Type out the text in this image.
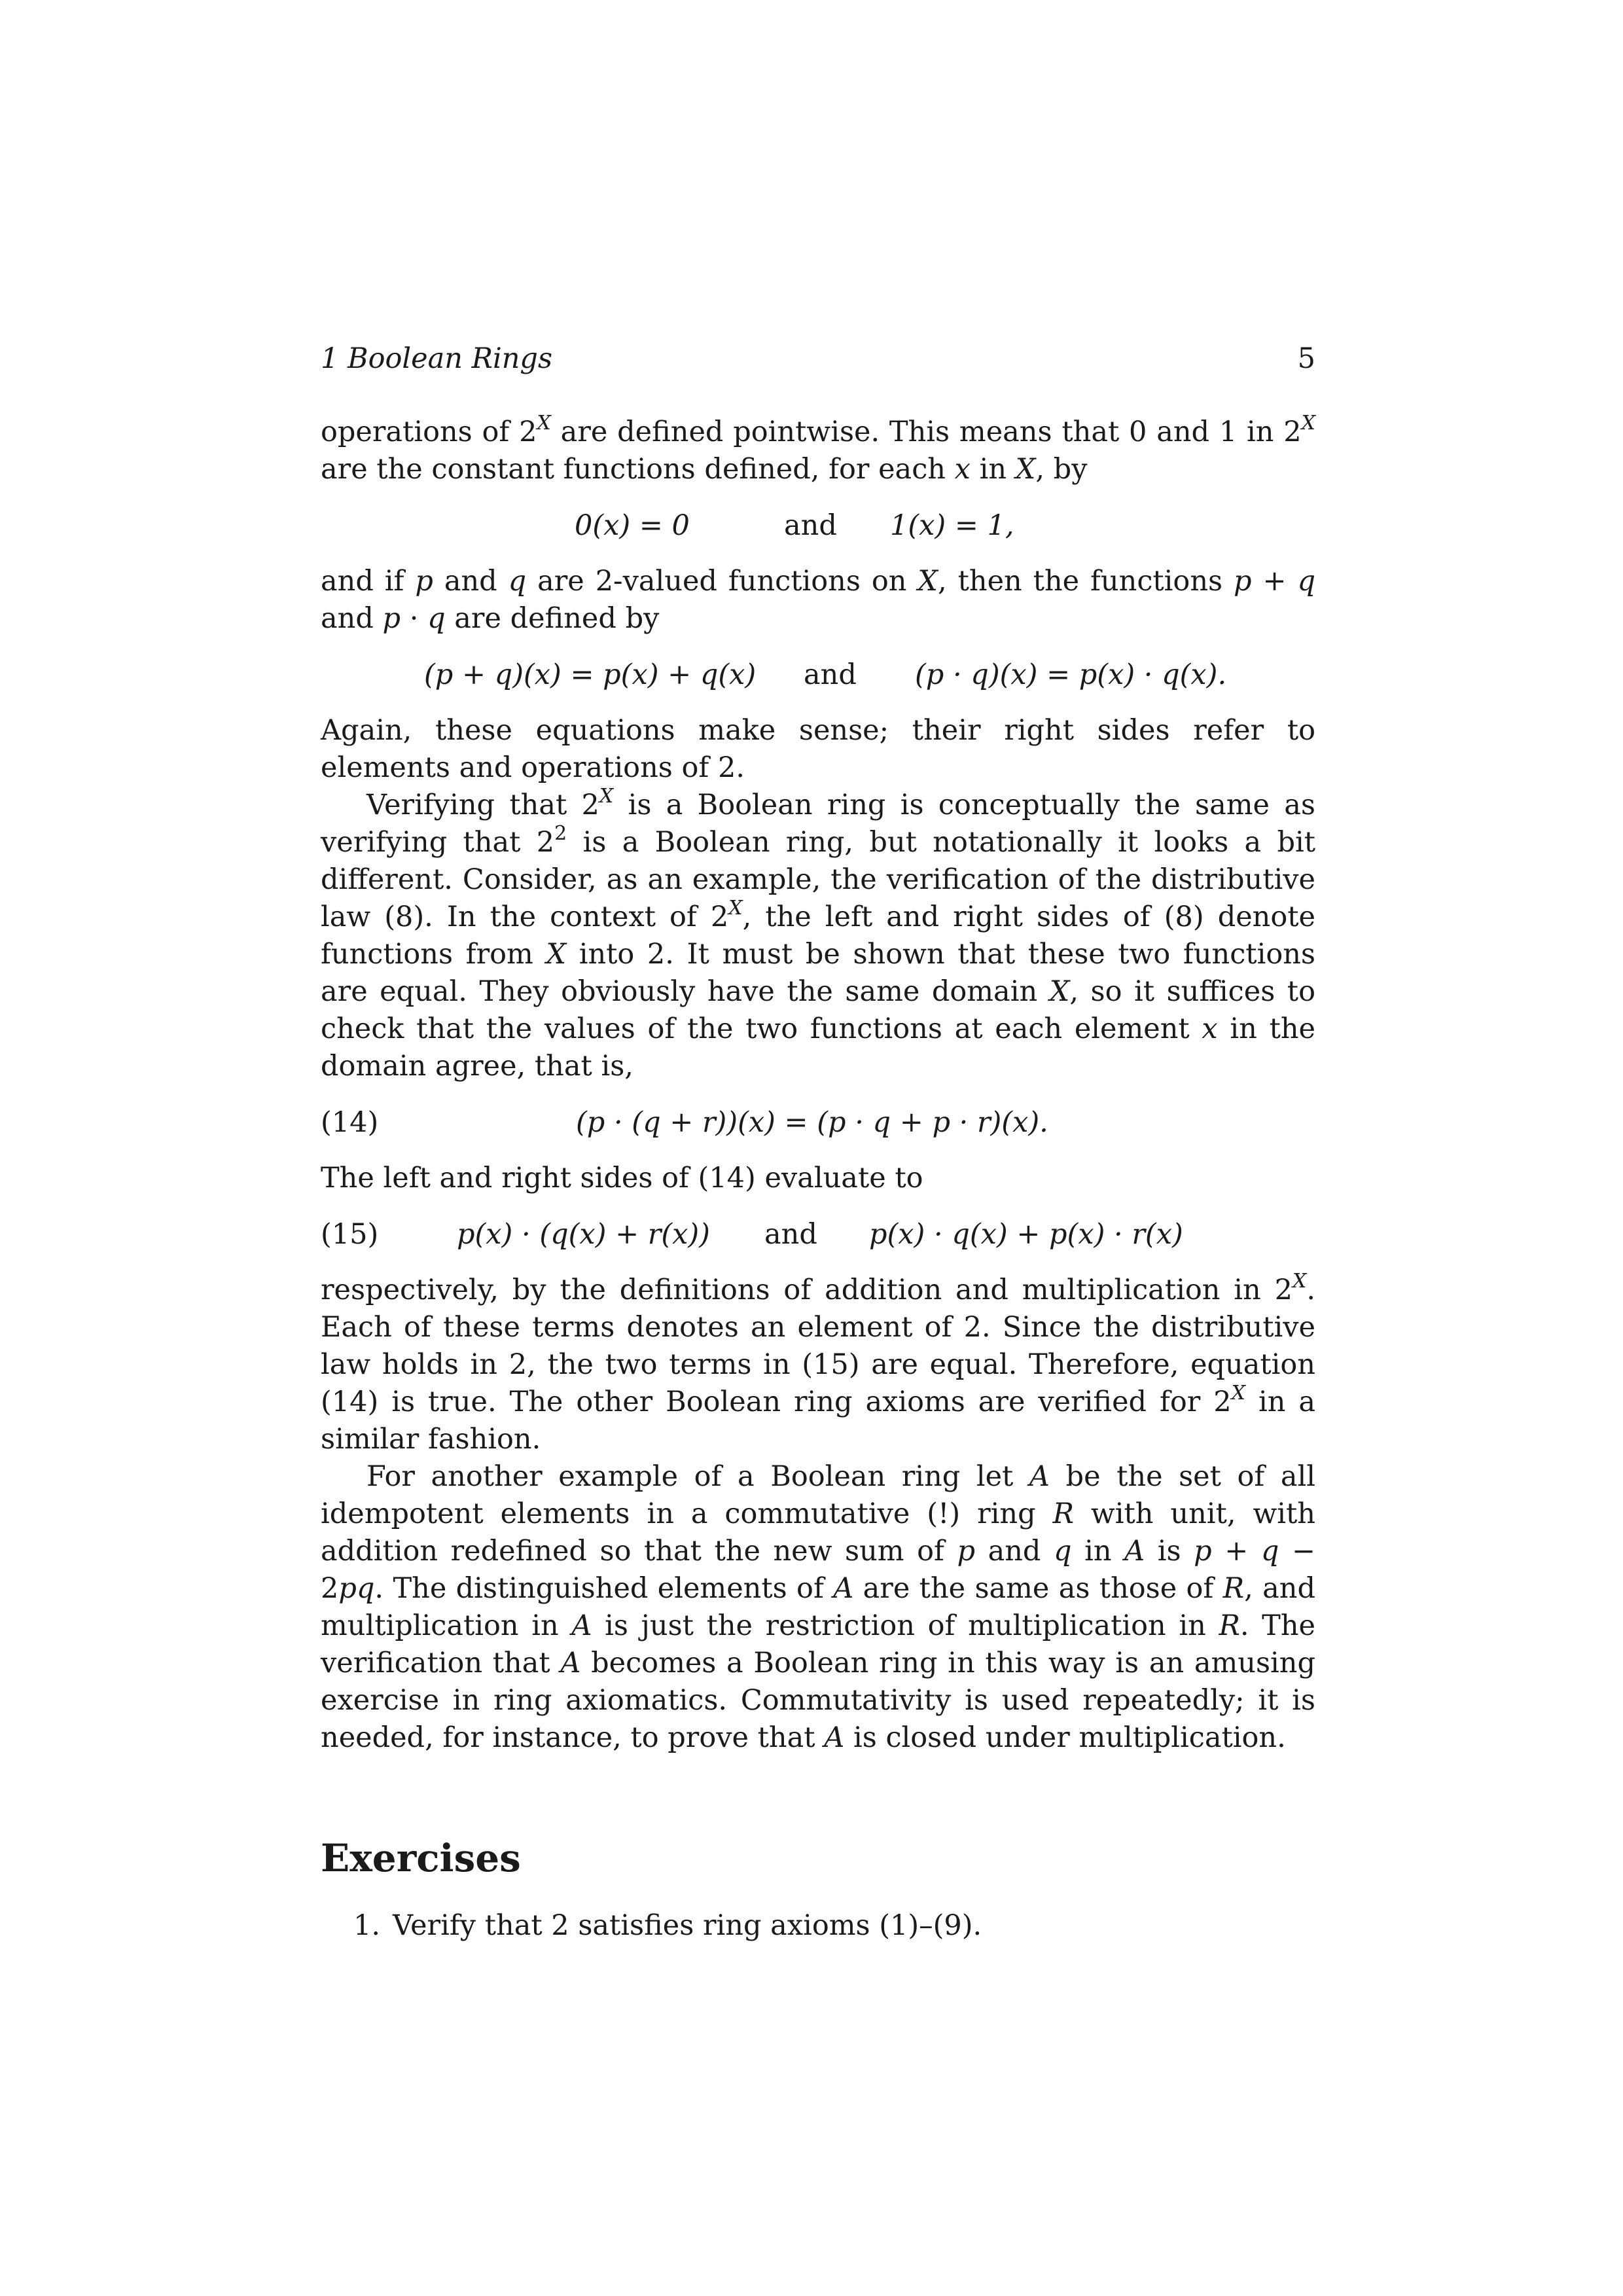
1 Boolean Rings	5

operations of $2^X$ are defined pointwise. This means that 0 and 1 in $2^X$ are the constant functions defined, for each x in X, by

0(x) = 0	and 1(x) = 1,

and if p and q are 2-valued functions on X, then the functions p + q and p · q are defined by

(p + q)(x) = p(x) + q(x) and (p · q)(x) = p(x) · q(x).

Again, these equations make sense; their right sides refer to elements and operations of 2.

Verifying that $2^X$ is a Boolean ring is conceptually the same as verifying that $2^2$ is a Boolean ring, but notationally it looks a bit different. Consider, as an example, the verification of the distributive law (8). In the context of $2^X$, the left and right sides of (8) denote functions from X into 2. It must be shown that these two functions are equal. They obviously have the same domain X, so it suffices to check that the values of the two functions at each element x in the domain agree, that is,

(14)	(p · (q + r))(x) = (p · q + p · r)(x).

The left and right sides of (14) evaluate to

(15)	p(x) · (q(x) + r(x)) and p(x) · q(x) + p(x) · r(x)

respectively, by the definitions of addition and multiplication in $2^X$. Each of these terms denotes an element of 2. Since the distributive law holds in 2, the two terms in (15) are equal. Therefore, equation (14) is true. The other Boolean ring axioms are verified for $2^X$ in a similar fashion.

For another example of a Boolean ring let A be the set of all idempotent elements in a commutative (!) ring R with unit, with addition redefined so that the new sum of p and q in A is p + q − 2pq. The distinguished elements of A are the same as those of R, and multiplication in A is just the restriction of multiplication in R. The verification that A becomes a Boolean ring in this way is an amusing exercise in ring axiomatics. Commutativity is used repeatedly; it is needed, for instance, to prove that A is closed under multiplication.

Exercises
1. Verify that 2 satisfies ring axioms (1)–(9).
